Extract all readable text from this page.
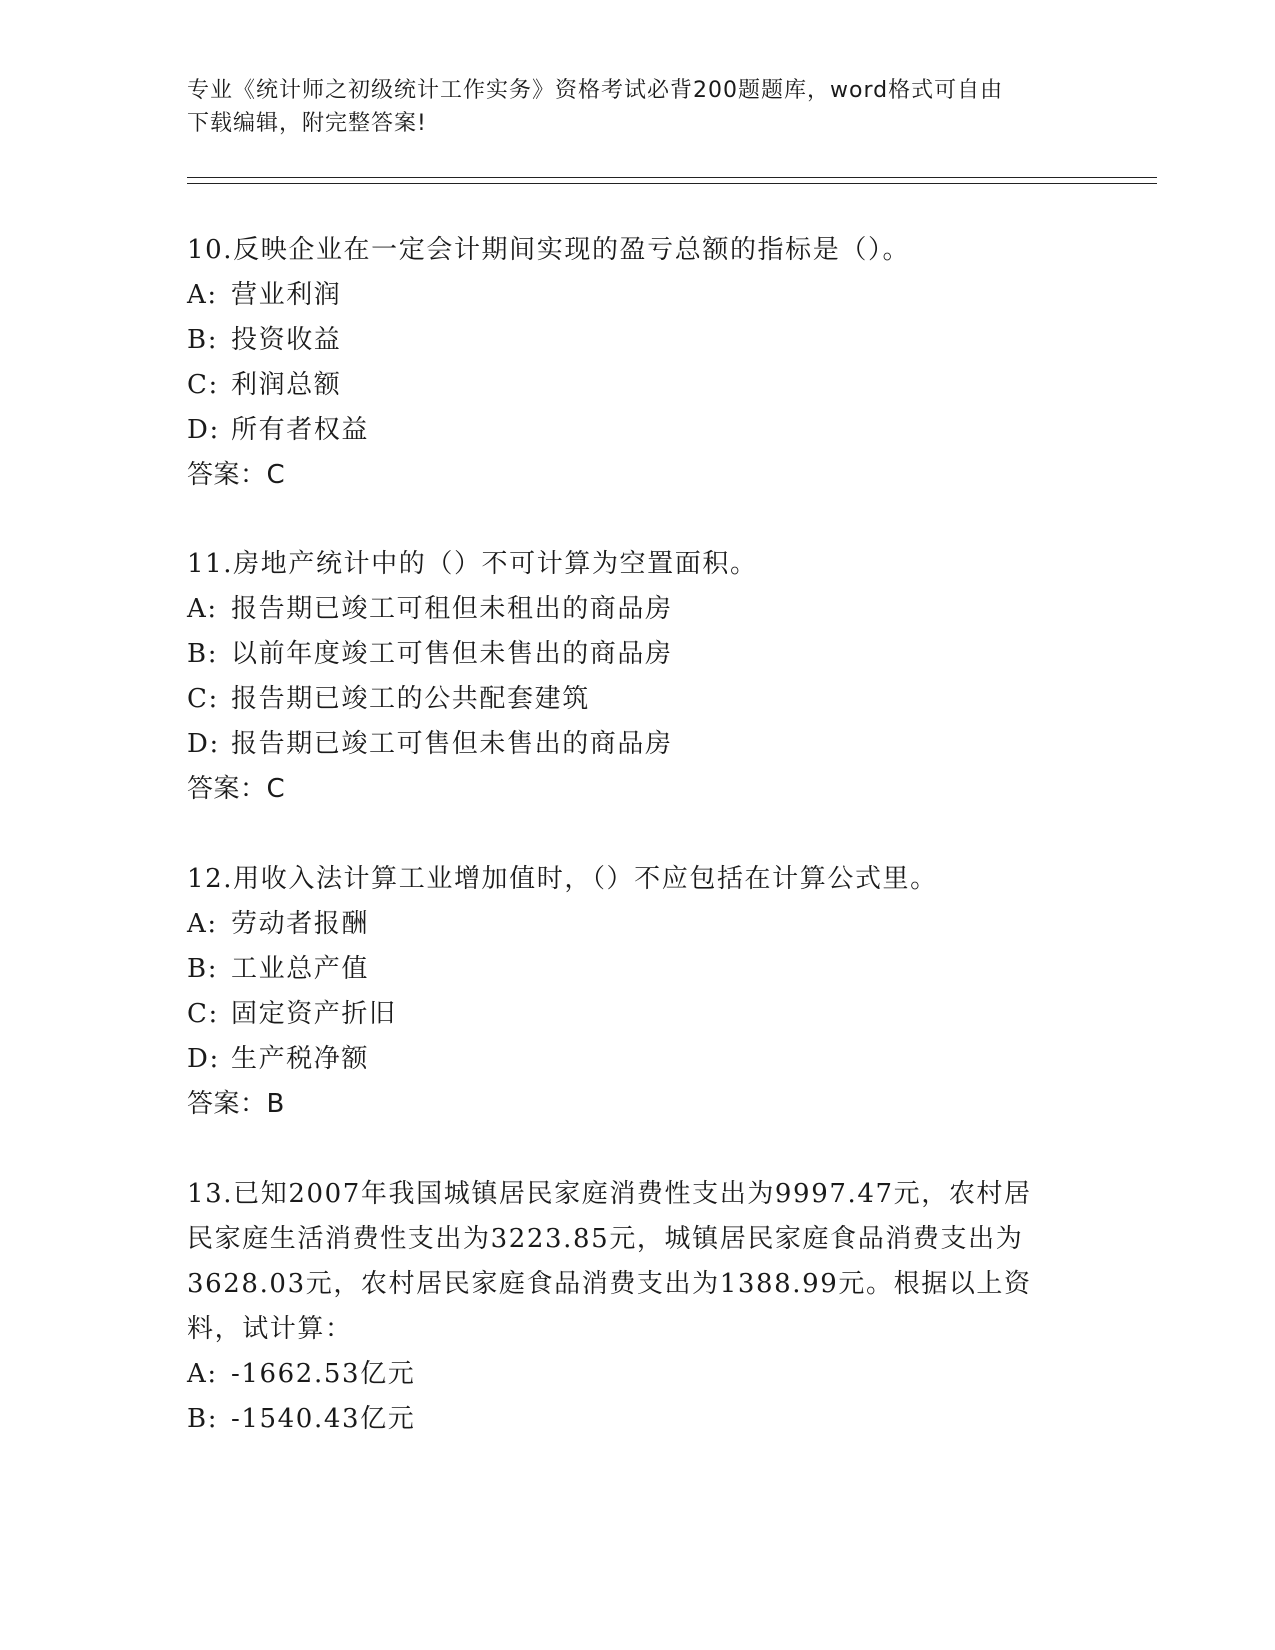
专业《统计师之初级统计工作实务》资格考试必背200题题库，word格式可自由
下载编辑，附完整答案!

10.反映企业在一定会计期间实现的盈亏总额的指标是（）。

A: 营业利润

B: 投资收益

C: 利润总额

D: 所有者权益

答案：C

11.房地产统计中的（）不可计算为空置面积。

A: 报告期已竣工可租但未租出的商品房

B: 以前年度竣工可售但未售出的商品房

C: 报告期已竣工的公共配套建筑

D: 报告期已竣工可售但未售出的商品房

答案：C

12.用收入法计算工业增加值时，（）不应包括在计算公式里。

A: 劳动者报酬

B: 工业总产值

C: 固定资产折旧

D: 生产税净额

答案：B

13.已知2007年我国城镇居民家庭消费性支出为9997.47元，农村居

民家庭生活消费性支出为3223.85元，城镇居民家庭食品消费支出为

3628.03元，农村居民家庭食品消费支出为1388.99元。根据以上资

料，试计算：

A: -1662.53亿元

B: -1540.43亿元
